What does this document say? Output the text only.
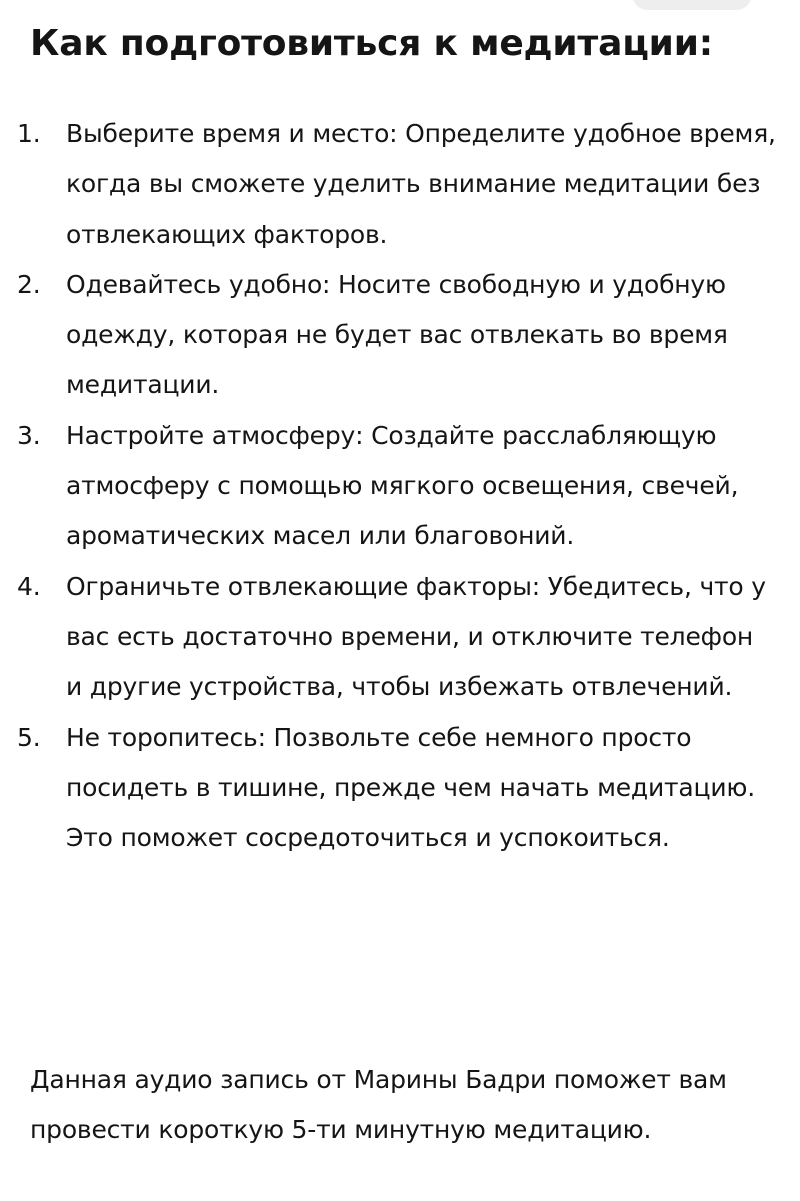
Как подготовиться к медитации:
1. Выберите время и место: Определите удобное время, когда вы сможете уделить внимание медитации без отвлекающих факторов.
2. Одевайтесь удобно: Носите свободную и удобную одежду, которая не будет вас отвлекать во время медитации.
3. Настройте атмосферу: Создайте расслабляющую атмосферу с помощью мягкого освещения, свечей, ароматических масел или благовоний.
4. Ограничьте отвлекающие факторы: Убедитесь, что у вас есть достаточно времени, и отключите телефон и другие устройства, чтобы избежать отвлечений.
5. Не торопитесь: Позвольте себе немного просто посидеть в тишине, прежде чем начать медитацию. Это поможет сосредоточиться и успокоиться.

Данная аудио запись от Марины Бадри поможет вам провести короткую 5-ти минутную медитацию.
